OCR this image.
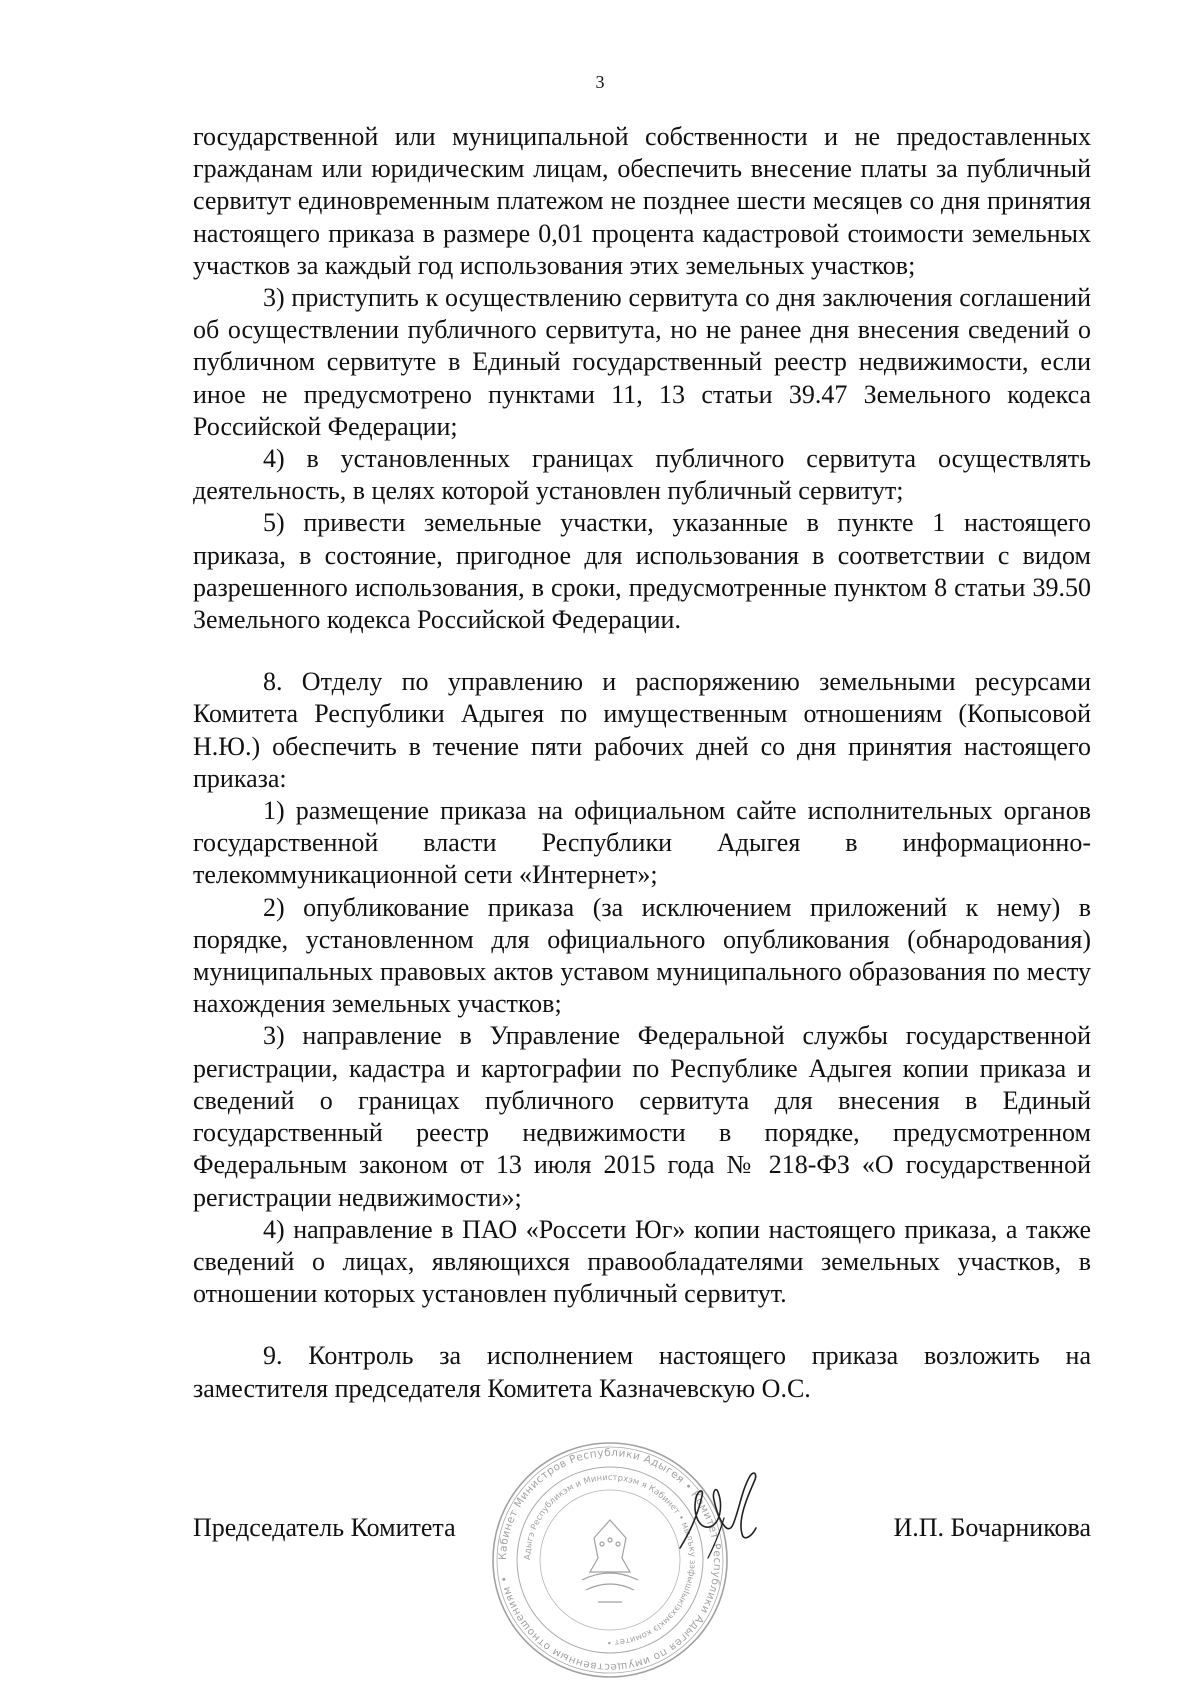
3

государственной или муниципальной собственности и не предоставленных гражданам или юридическим лицам, обеспечить внесение платы за публичный сервитут единовременным платежом не позднее шести месяцев со дня принятия настоящего приказа в размере 0,01 процента кадастровой стоимости земельных участков за каждый год использования этих земельных участков;

3) приступить к осуществлению сервитута со дня заключения соглашений об осуществлении публичного сервитута, но не ранее дня внесения сведений о публичном сервитуте в Единый государственный реестр недвижимости, если иное не предусмотрено пунктами 11, 13 статьи 39.47 Земельного кодекса Российской Федерации;

4) в установленных границах публичного сервитута осуществлять деятельность, в целях которой установлен публичный сервитут;

5) привести земельные участки, указанные в пункте 1 настоящего приказа, в состояние, пригодное для использования в соответствии с видом разрешенного использования, в сроки, предусмотренные пунктом 8 статьи 39.50 Земельного кодекса Российской Федерации.

8. Отделу по управлению и распоряжению земельными ресурсами Комитета Республики Адыгея по имущественным отношениям (Копысовой Н.Ю.) обеспечить в течение пяти рабочих дней со дня принятия настоящего приказа:

1) размещение приказа на официальном сайте исполнительных органов государственной власти Республики Адыгея в информационно-телекоммуникационной сети «Интернет»;

2) опубликование приказа (за исключением приложений к нему) в порядке, установленном для официального опубликования (обнародования) муниципальных правовых актов уставом муниципального образования по месту нахождения земельных участков;

3) направление в Управление Федеральной службы государственной регистрации, кадастра и картографии по Республике Адыгея копии приказа и сведений о границах публичного сервитута для внесения в Единый государственный реестр недвижимости в порядке, предусмотренном Федеральным законом от 13 июля 2015 года № 218-ФЗ «О государственной регистрации недвижимости»;

4) направление в ПАО «Россети Юг» копии настоящего приказа, а также сведений о лицах, являющихся правообладателями земельных участков, в отношении которых установлен публичный сервитут.

9. Контроль за исполнением настоящего приказа возложить на заместителя председателя Комитета Казначевскую О.С.

Кабинет Министров Республики Адыгея • Комитет Республики Адыгея по имущественным отношениям •
Адыгэ Республикэм и Министрхэм я Кабинет • мылъку зэфышIыкIэхэмкIэ комитет •
Председатель Комитета	И.П. Бочарникова
